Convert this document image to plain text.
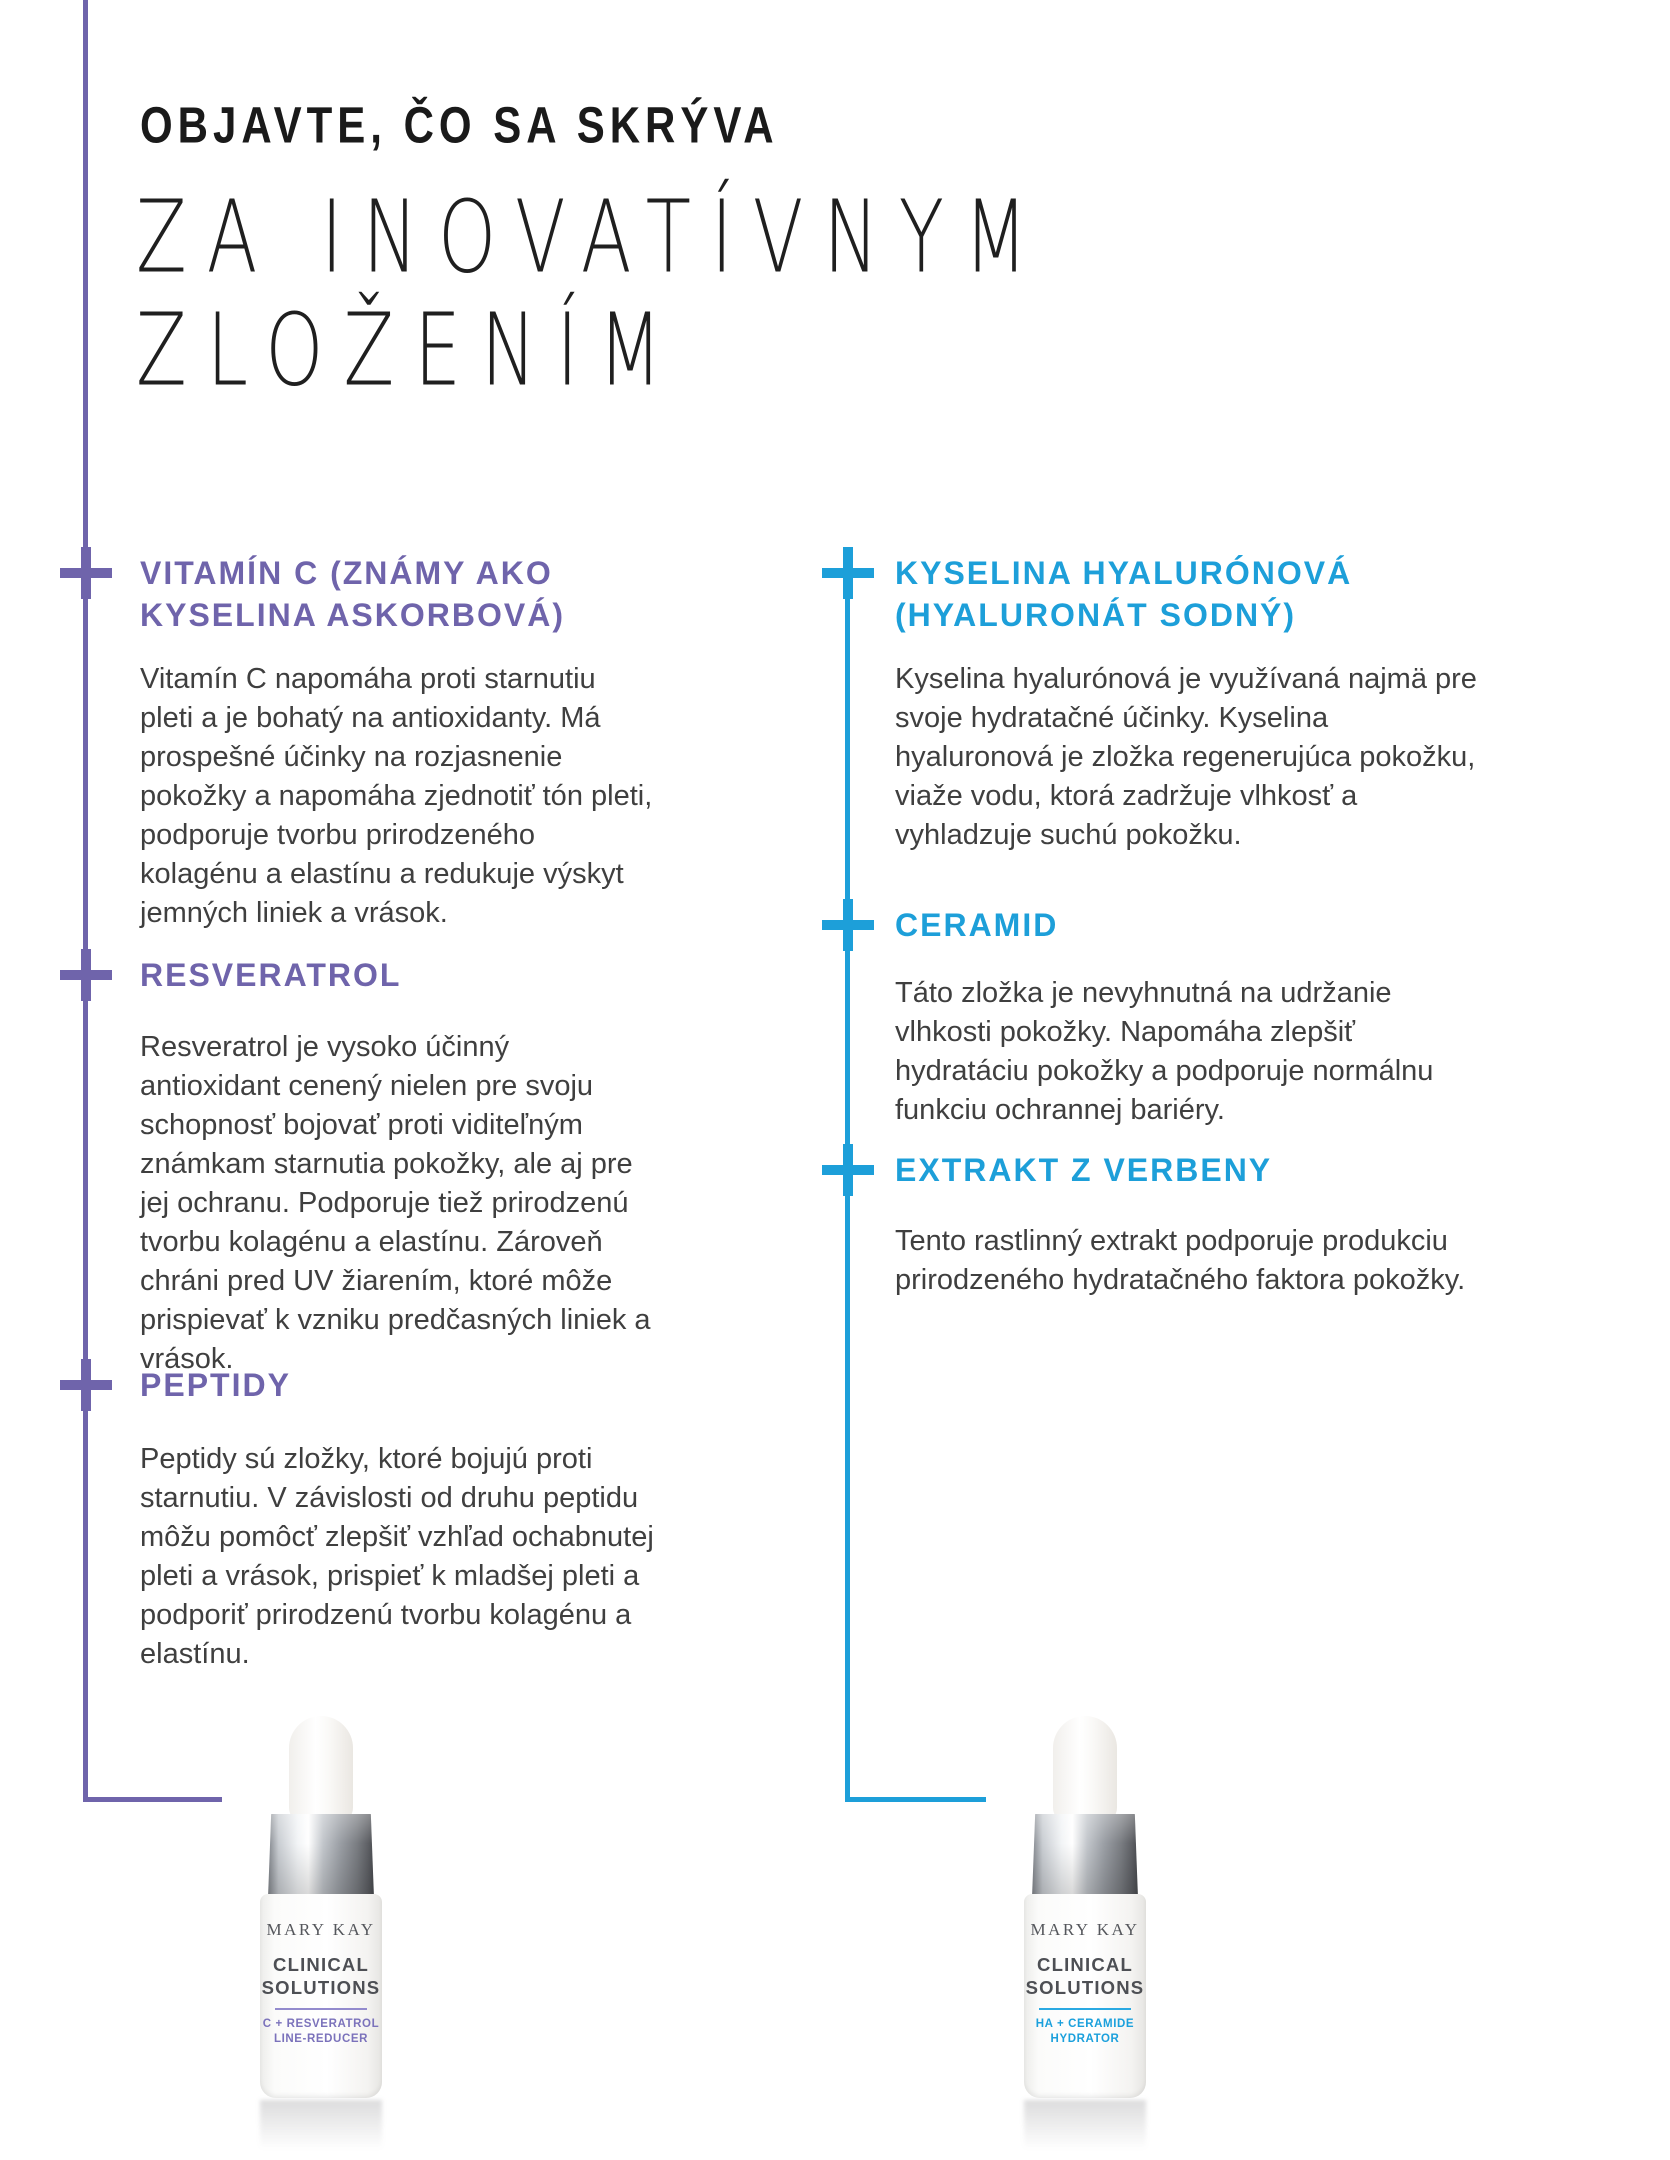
OBJAVTE, ČO SA SKRÝVA
ZA INOVATÍVNYM
ZLOŽENÍM
VITAMÍN C (ZNÁMY AKO KYSELINA ASKORBOVÁ)
Vitamín C napomáha proti starnutiu pleti a je bohatý na antioxidanty. Má prospešné účinky na rozjasnenie pokožky a napomáha zjednotiť tón pleti, podporuje tvorbu prirodzeného kolagénu a elastínu a redukuje výskyt jemných liniek a vrások.
RESVERATROL
Resveratrol je vysoko účinný antioxidant cenený nielen pre svoju schopnosť bojovať proti viditeľným známkam starnutia pokožky, ale aj pre jej ochranu. Podporuje tiež prirodzenú tvorbu kolagénu a elastínu. Zároveň chráni pred UV žiarením, ktoré môže prispievať k vzniku predčasných liniek a vrások.
PEPTIDY
Peptidy sú zložky, ktoré bojujú proti starnutiu. V závislosti od druhu peptidu môžu pomôcť zlepšiť vzhľad ochabnutej pleti a vrások, prispieť k mladšej pleti a podporiť prirodzenú tvorbu kolagénu a elastínu.
KYSELINA HYALURÓNOVÁ (HYALURONÁT SODNÝ)
Kyselina hyalurónová je využívaná najmä pre svoje hydratačné účinky. Kyselina hyaluronová je zložka regenerujúca pokožku, viaže vodu, ktorá zadržuje vlhkosť a vyhladzuje suchú pokožku.
CERAMID
Táto zložka je nevyhnutná na udržanie vlhkosti pokožky. Napomáha zlepšiť hydratáciu pokožky a podporuje normálnu funkciu ochrannej bariéry.
EXTRAKT Z VERBENY
Tento rastlinný extrakt podporuje produkciu prirodzeného hydratačného faktora pokožky.
MARY KAY
CLINICAL
SOLUTIONS
C + RESVERATROL
LINE-REDUCER
MARY KAY
CLINICAL
SOLUTIONS
HA + CERAMIDE
HYDRATOR
